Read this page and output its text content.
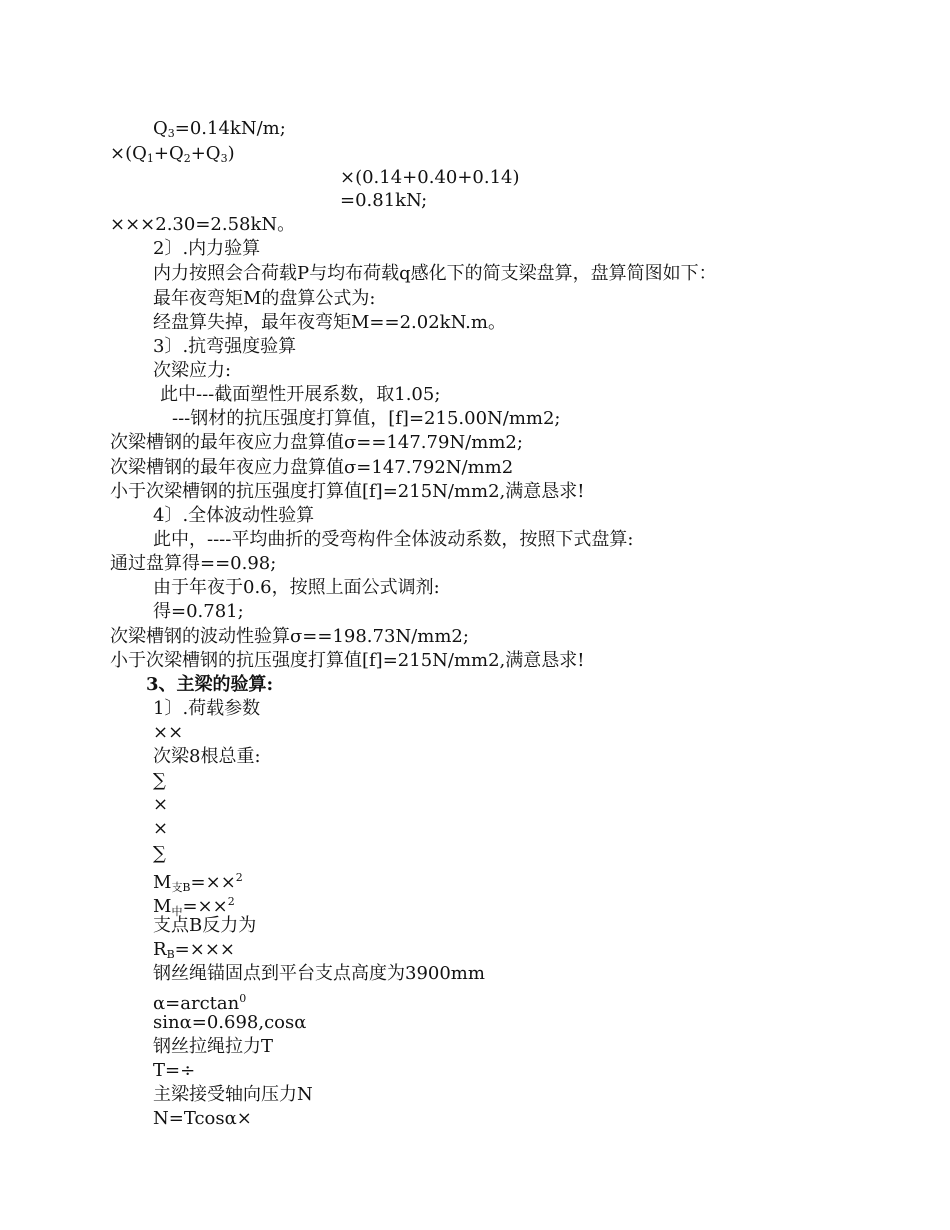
$Q_3=0.14kN/m$;
$\times(Q_1+Q_2+Q_3)$
×(0.14+0.40+0.14)
=0.81kN;
×××2.30=2.58kN。
2〕.内力验算
内力按照会合荷载P与均布荷载q感化下的简支梁盘算，盘算简图如下：
最年夜弯矩M的盘算公式为:
经盘算失掉，最年夜弯矩M==2.02kN.m。
3〕.抗弯强度验算
次梁应力:
此中---截面塑性开展系数，取1.05;
---钢材的抗压强度打算值，[f]=215.00N/mm2;
次梁槽钢的最年夜应力盘算值σ==147.79N/mm2;
次梁槽钢的最年夜应力盘算值σ=147.792N/mm2
小于次梁槽钢的抗压强度打算值[f]=215N/mm2,满意恳求!
4〕.全体波动性验算
此中，----平均曲折的受弯构件全体波动系数，按照下式盘算:
通过盘算得==0.98;
由于年夜于0.6，按照上面公式调剂:
得=0.781;
次梁槽钢的波动性验算σ==198.73N/mm2;
小于次梁槽钢的抗压强度打算值[f]=215N/mm2,满意恳求!
3、主梁的验算:
1〕.荷载参数
××
次梁8根总重:
∑
×
×
∑
$M_{支B}=\times\times^2$
$M_中=\times\times^2$
支点B反力为
$R_B=\times\times\times$
钢丝绳锚固点到平台支点高度为3900mm
$\alpha=\arctan^0$
sinα=0.698,cosα
钢丝拉绳拉力T
T=÷
主梁接受轴向压力N
N=Tcosα×
